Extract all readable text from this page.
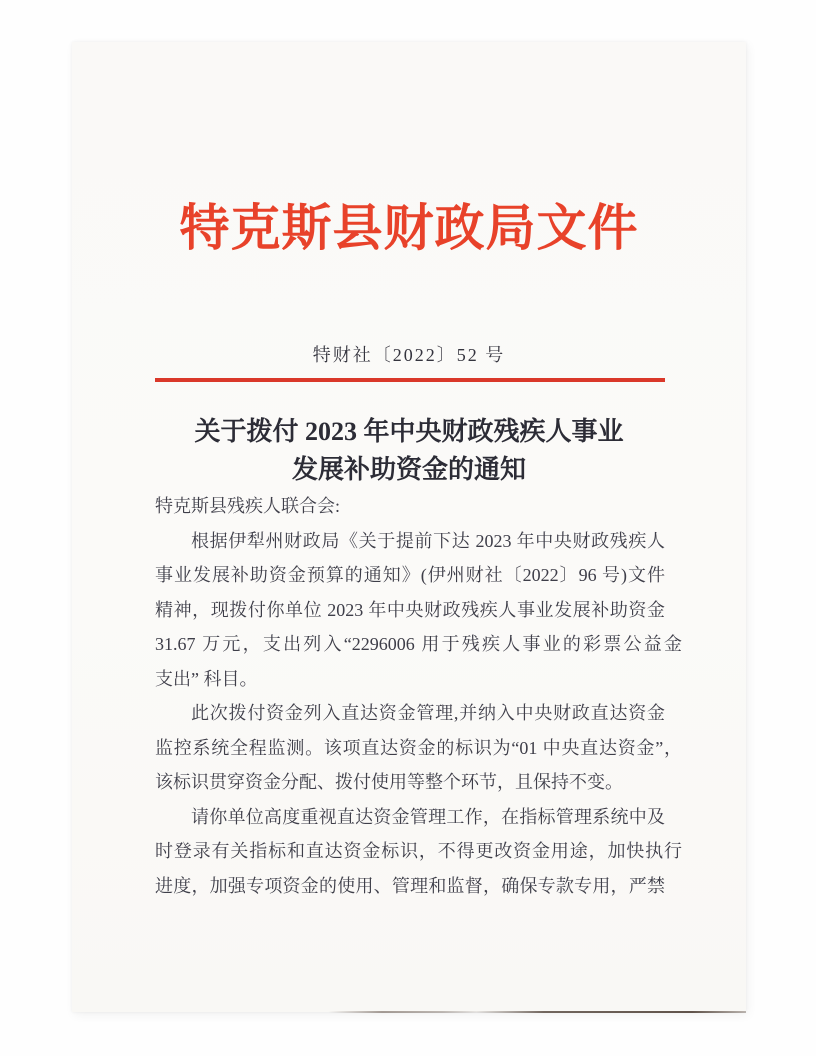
特克斯县财政局文件
特财社〔2022〕52 号
关于拨付 2023 年中央财政残疾人事业
发展补助资金的通知
特克斯县残疾人联合会:
根据伊犁州财政局《关于提前下达 2023 年中央财政残疾人
事业发展补助资金预算的通知》(伊州财社〔2022〕96 号)文件
精神，现拨付你单位 2023 年中央财政残疾人事业发展补助资金
31.67 万元，支出列入“2296006 用于残疾人事业的彩票公益金
支出” 科目。
此次拨付资金列入直达资金管理,并纳入中央财政直达资金
监控系统全程监测。该项直达资金的标识为“01 中央直达资金”，
该标识贯穿资金分配、拨付使用等整个环节，且保持不变。
请你单位高度重视直达资金管理工作，在指标管理系统中及
时登录有关指标和直达资金标识，不得更改资金用途，加快执行
进度，加强专项资金的使用、管理和监督，确保专款专用，严禁
